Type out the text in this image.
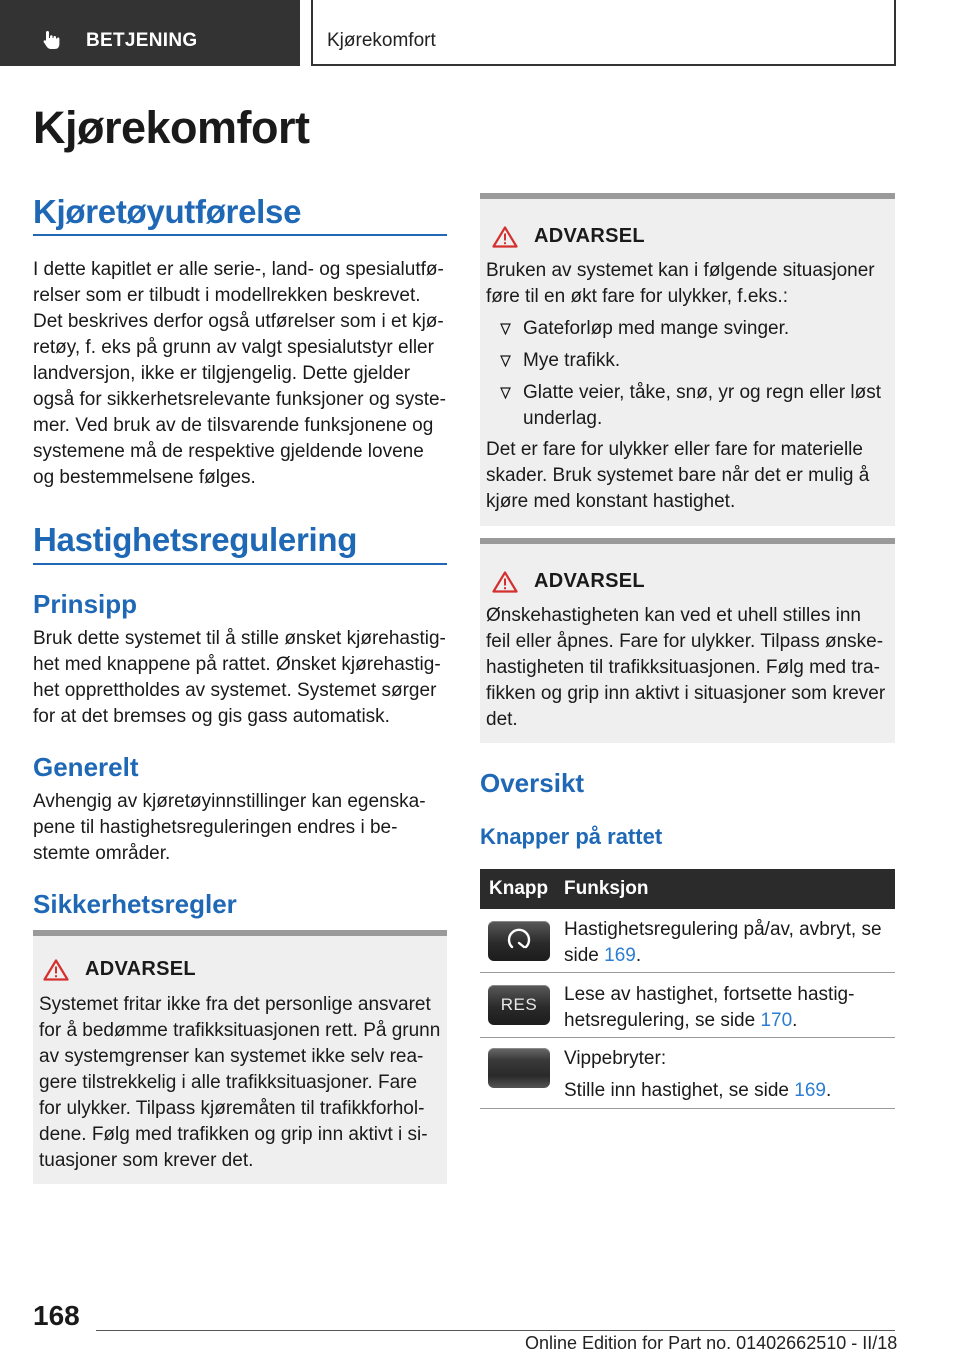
BETJENING	Kjørekomfort
Kjørekomfort
Kjøretøyutførelse
I dette kapitlet er alle serie-, land- og spesialutfø-
relser som er tilbudt i modellrekken beskrevet.
Det beskrives derfor også utførelser som i et kjø-
retøy, f. eks på grunn av valgt spesialutstyr eller
landversjon, ikke er tilgjengelig. Dette gjelder
også for sikkerhetsrelevante funksjoner og syste-
mer. Ved bruk av de tilsvarende funksjonene og
systemene må de respektive gjeldende lovene
og bestemmelsene følges.
Hastighetsregulering
Prinsipp
Bruk dette systemet til å stille ønsket kjørehastig-
het med knappene på rattet. Ønsket kjørehastig-
het opprettholdes av systemet. Systemet sørger
for at det bremses og gis gass automatisk.
Generelt
Avhengig av kjøretøyinnstillinger kan egenska-
pene til hastighetsreguleringen endres i be-
stemte områder.
Sikkerhetsregler
ADVARSEL
Systemet fritar ikke fra det personlige ansvaret
for å bedømme trafikksituasjonen rett. På grunn
av systemgrenser kan systemet ikke selv rea-
gere tilstrekkelig i alle trafikksituasjoner. Fare
for ulykker. Tilpass kjøremåten til trafikkforhol-
dene. Følg med trafikken og grip inn aktivt i si-
tuasjoner som krever det.
ADVARSEL
Bruken av systemet kan i følgende situasjoner
føre til en økt fare for ulykker, f.eks.:
Gateforløp med mange svinger.
Mye trafikk.
Glatte veier, tåke, snø, yr og regn eller løst
underlag.
Det er fare for ulykker eller fare for materielle
skader. Bruk systemet bare når det er mulig å
kjøre med konstant hastighet.
ADVARSEL
Ønskehastigheten kan ved et uhell stilles inn
feil eller åpnes. Fare for ulykker. Tilpass ønske-
hastigheten til trafikksituasjonen. Følg med tra-
fikken og grip inn aktivt i situasjoner som krever
det.
Oversikt
Knapper på rattet
Knapp Funksjon
Hastighetsregulering på/av, avbryt, se
side 169.
RES Lese av hastighet, fortsette hastig-
hetsregulering, se side 170.
Vippebryter:
Stille inn hastighet, se side 169.
168
Online Edition for Part no. 01402662510 - II/18
